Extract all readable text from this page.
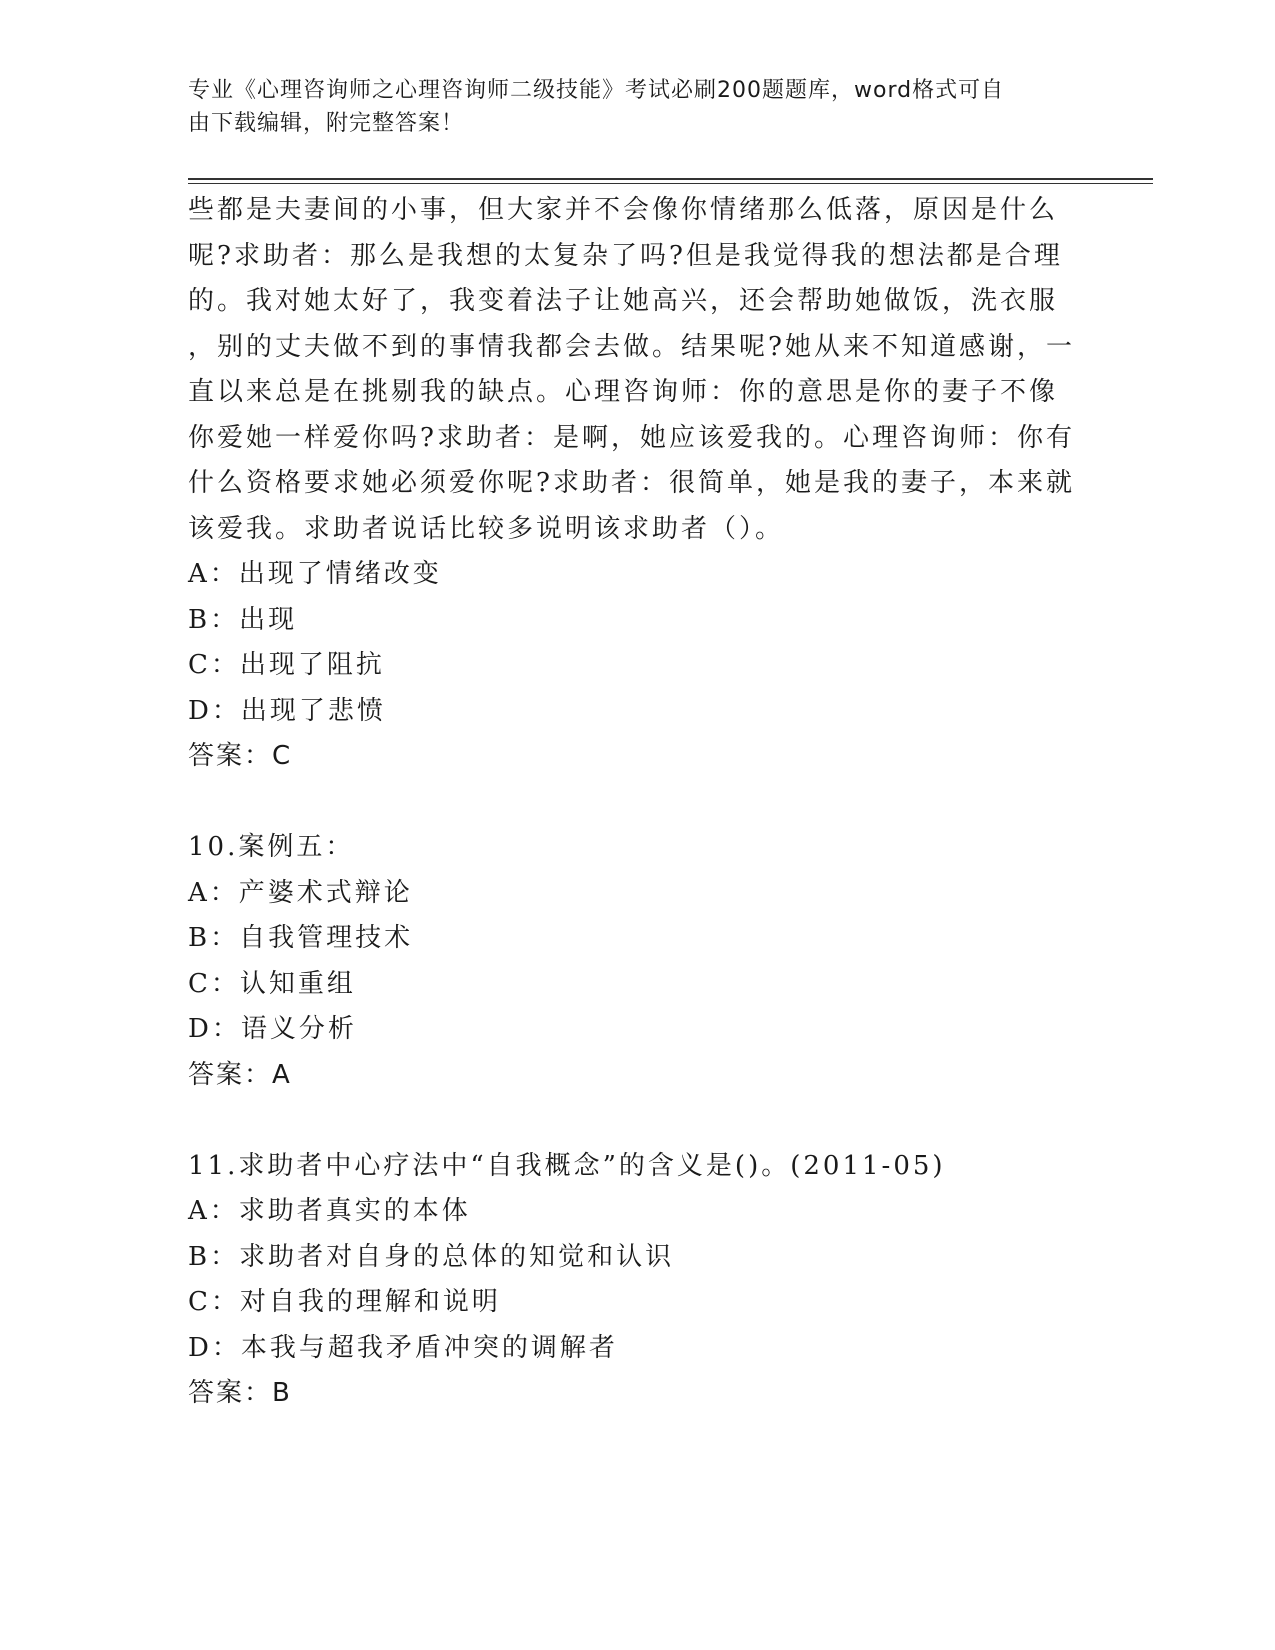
专业《心理咨询师之心理咨询师二级技能》考试必刷200题题库，word格式可自
由下载编辑，附完整答案！
些都是夫妻间的小事，但大家并不会像你情绪那么低落，原因是什么
呢?求助者：那么是我想的太复杂了吗?但是我觉得我的想法都是合理
的。我对她太好了，我变着法子让她高兴，还会帮助她做饭，洗衣服
，别的丈夫做不到的事情我都会去做。结果呢?她从来不知道感谢，一
直以来总是在挑剔我的缺点。心理咨询师：你的意思是你的妻子不像
你爱她一样爱你吗?求助者：是啊，她应该爱我的。心理咨询师：你有
什么资格要求她必须爱你呢?求助者：很简单，她是我的妻子，本来就
该爱我。求助者说话比较多说明该求助者（）。

A：出现了情绪改变

B：出现

C：出现了阻抗

D：出现了悲愤

答案：C

10.案例五：

A：产婆术式辩论

B：自我管理技术

C：认知重组

D：语义分析

答案：A

11.求助者中心疗法中“自我概念”的含义是()。(2011-05)

A：求助者真实的本体

B：求助者对自身的总体的知觉和认识

C：对自我的理解和说明

D：本我与超我矛盾冲突的调解者

答案：B
